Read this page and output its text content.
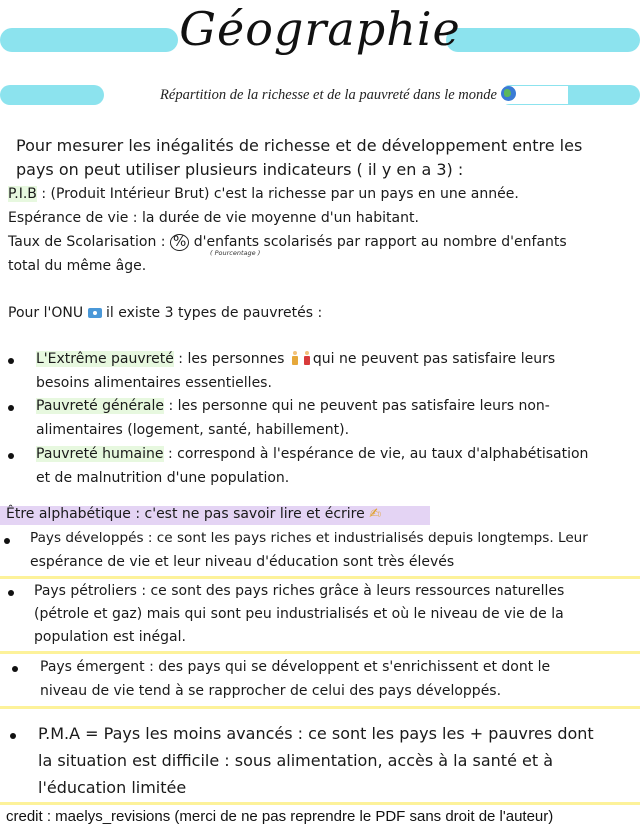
Géographie
Répartition de la richesse et de la pauvreté dans le monde
Pour mesurer les inégalités de richesse et de développement entre les
pays on peut utiliser plusieurs indicateurs ( il y en a 3) :
P.I.B : (Produit Intérieur Brut) c'est la richesse par un pays en une année.
Espérance de vie : la durée de vie moyenne d'un habitant.
Taux de Scolarisation : % d'enfants scolarisés par rapport au nombre d'enfants
( Pourcentage )
total du même âge.
Pour l'ONU  il existe 3 types de pauvretés :
L'Extrême pauvreté : les personnes qui ne peuvent pas satisfaire leurs
besoins alimentaires essentielles.
Pauvreté générale : les personne qui ne peuvent pas satisfaire leurs non-
alimentaires (logement, santé, habillement).
Pauvreté humaine : correspond à l'espérance de vie, au taux d'alphabétisation
et de malnutrition d'une population.
Être alphabétique : c'est ne pas savoir lire et écrire ✍
Pays développés : ce sont les pays riches et industrialisés depuis longtemps. Leur
espérance de vie et leur niveau d'éducation sont très élevés
Pays pétroliers : ce sont des pays riches grâce à leurs ressources naturelles
(pétrole et gaz) mais qui sont peu industrialisés et où le niveau de vie de la
population est inégal.
Pays émergent : des pays qui se développent et s'enrichissent et dont le
niveau de vie tend à se rapprocher de celui des pays développés.
P.M.A = Pays les moins avancés : ce sont les pays les + pauvres dont
la situation est difficile : sous alimentation, accès à la santé et à
l'éducation limitée
credit : maelys_revisions (merci de ne pas reprendre le PDF sans droit de l'auteur)
